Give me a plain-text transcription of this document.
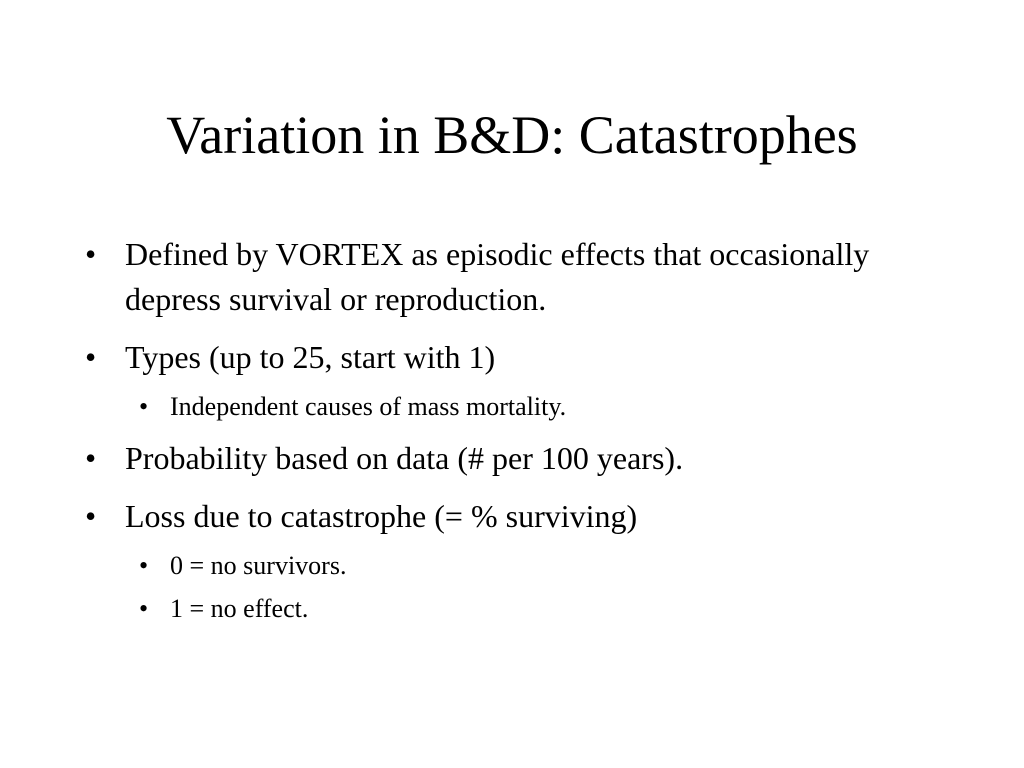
Variation in B&D: Catastrophes
• Defined by VORTEX as episodic effects that occasionally depress survival or reproduction.
• Types (up to 25, start with 1)
• Independent causes of mass mortality.
• Probability based on data (# per 100 years).
• Loss due to catastrophe (= % surviving)
• 0 = no survivors.
• 1 = no effect.
